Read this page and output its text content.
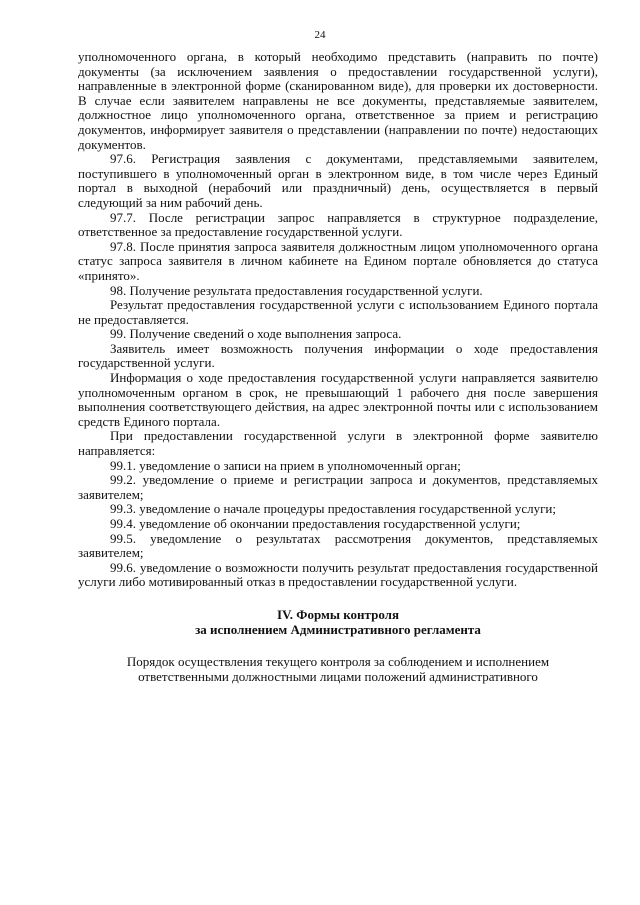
24

уполномоченного органа, в который необходимо представить (направить по почте) документы (за исключением заявления о предоставлении государственной услуги), направленные в электронной форме (сканированном виде), для проверки их достоверности. В случае если заявителем направлены не все документы, представляемые заявителем, должностное лицо уполномоченного органа, ответственное за прием и регистрацию документов, информирует заявителя о представлении (направлении по почте) недостающих документов.

97.6. Регистрация заявления с документами, представляемыми заявителем, поступившего в уполномоченный орган в электронном виде, в том числе через Единый портал в выходной (нерабочий или праздничный) день, осуществляется в первый следующий за ним рабочий день.

97.7. После регистрации запрос направляется в структурное подразделение, ответственное за предоставление государственной услуги.

97.8. После принятия запроса заявителя должностным лицом уполномоченного органа статус запроса заявителя в личном кабинете на Едином портале обновляется до статуса «принято».

98. Получение результата предоставления государственной услуги.

Результат предоставления государственной услуги с использованием Единого портала не предоставляется.

99. Получение сведений о ходе выполнения запроса.

Заявитель имеет возможность получения информации о ходе предоставления государственной услуги.

Информация о ходе предоставления государственной услуги направляется заявителю уполномоченным органом в срок, не превышающий 1 рабочего дня после завершения выполнения соответствующего действия, на адрес электронной почты или с использованием средств Единого портала.

При предоставлении государственной услуги в электронной форме заявителю направляется:

99.1. уведомление о записи на прием в уполномоченный орган;

99.2. уведомление о приеме и регистрации запроса и документов, представляемых заявителем;

99.3. уведомление о начале процедуры предоставления государственной услуги;

99.4. уведомление об окончании предоставления государственной услуги;

99.5. уведомление о результатах рассмотрения документов, представляемых заявителем;

99.6. уведомление о возможности получить результат предоставления государственной услуги либо мотивированный отказ в предоставлении государственной услуги.

IV. Формы контроля
за исполнением Административного регламента
Порядок осуществления текущего контроля за соблюдением и исполнением
ответственными должностными лицами положений административного
